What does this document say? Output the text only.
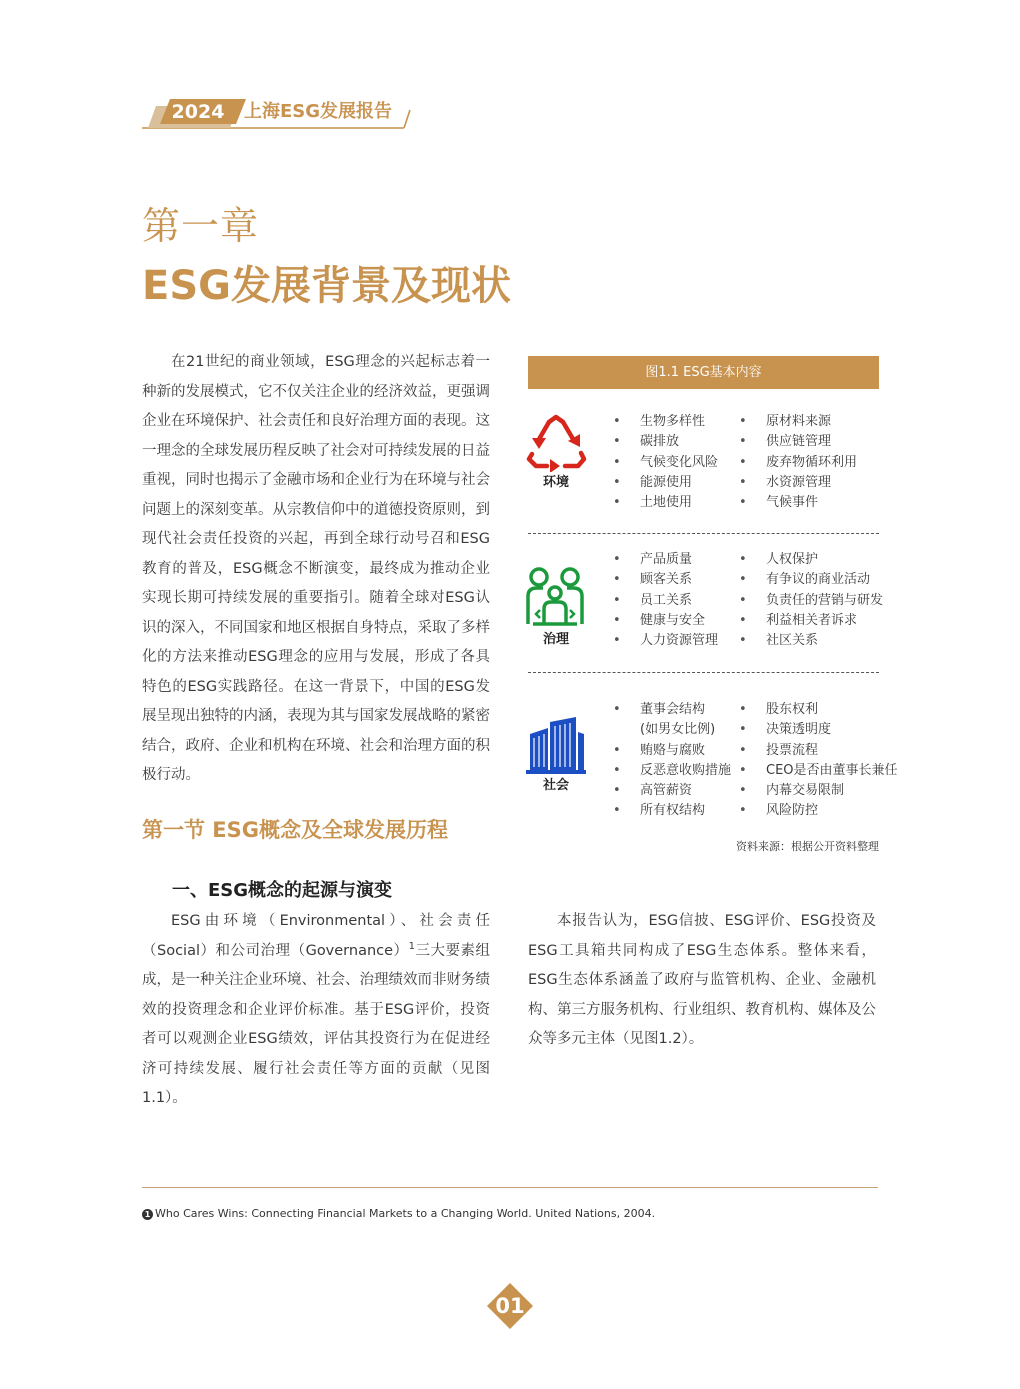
2024	上海ESG发展报告
第一章
ESG发展背景及现状

在21世纪的商业领域，ESG理念的兴起标志着一种新的发展模式，它不仅关注企业的经济效益，更强调企业在环境保护、社会责任和良好治理方面的表现。这一理念的全球发展历程反映了社会对可持续发展的日益重视，同时也揭示了金融市场和企业行为在环境与社会问题上的深刻变革。从宗教信仰中的道德投资原则，到现代社会责任投资的兴起，再到全球行动号召和ESG教育的普及，ESG概念不断演变，最终成为推动企业实现长期可持续发展的重要指引。随着全球对ESG认识的深入，不同国家和地区根据自身特点，采取了多样化的方法来推动ESG理念的应用与发展，形成了各具特色的ESG实践路径。在这一背景下，中国的ESG发展呈现出独特的内涵，表现为其与国家发展战略的紧密结合，政府、企业和机构在环境、社会和治理方面的积极行动。

第一节 ESG概念及全球发展历程
一、ESG概念的起源与演变

ESG由环境（Environmental）、社会责任（Social）和公司治理（Governance）$^1$三大要素组成，是一种关注企业环境、社会、治理绩效而非财务绩效的投资理念和企业评价标准。基于ESG评价，投资者可以观测企业ESG绩效，评估其投资行为在促进经济可持续发展、履行社会责任等方面的贡献（见图1.1）。

本报告认为，ESG信披、ESG评价、ESG投资及ESG工具箱共同构成了ESG生态体系。整体来看，ESG生态体系涵盖了政府与监管机构、企业、金融机构、第三方服务机构、行业组织、教育机构、媒体及公众等多元主体（见图1.2）。

图1.1 ESG基本内容
环境
• 生物多样性
• 碳排放
• 气候变化风险
• 能源使用
• 土地使用
• 原材料来源
• 供应链管理
• 废弃物循环利用
• 水资源管理
• 气候事件
治理
• 产品质量
• 顾客关系
• 员工关系
• 健康与安全
• 人力资源管理
• 人权保护
• 有争议的商业活动
• 负责任的营销与研发
• 利益相关者诉求
• 社区关系
社会
• 董事会结构
(如男女比例)
• 贿赂与腐败
• 反恶意收购措施
• 高管薪资
• 所有权结构
• 股东权利
• 决策透明度
• 投票流程
• CEO是否由董事长兼任
• 内幕交易限制
• 风险防控
资料来源：根据公开资料整理
1 Who Cares Wins: Connecting Financial Markets to a Changing World. United Nations, 2004.
01
